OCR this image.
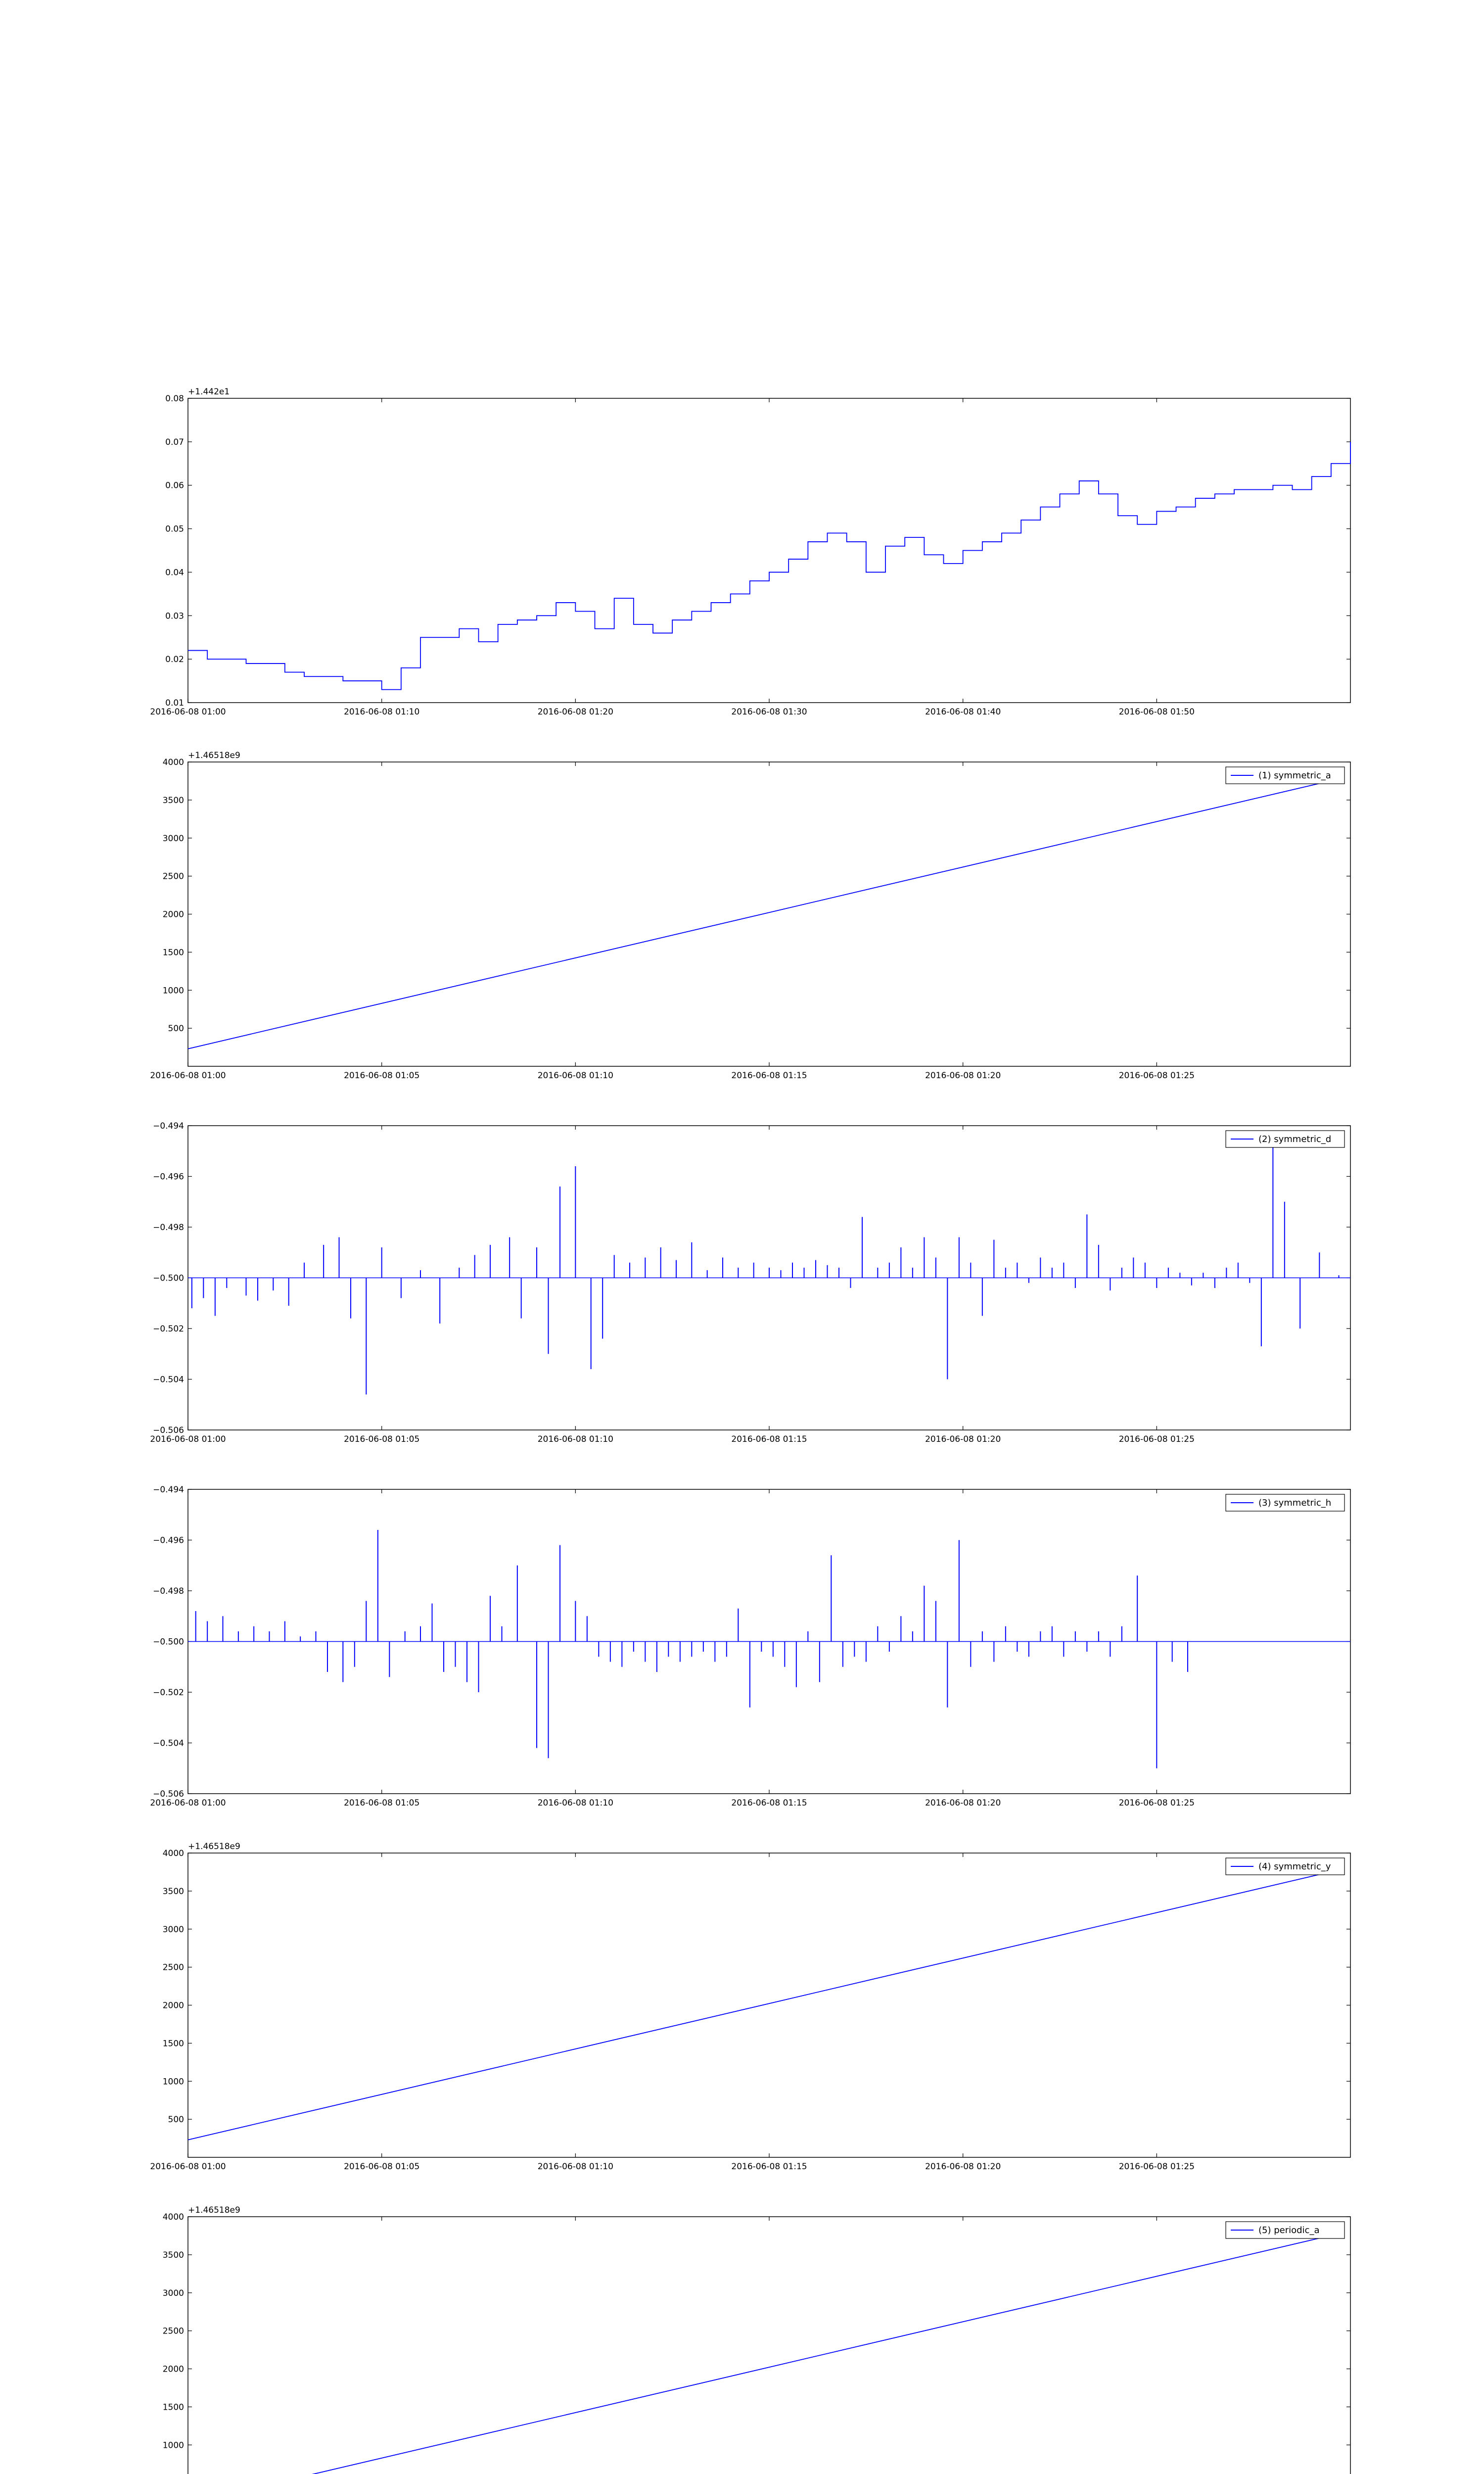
0.01
0.02
0.03
0.04
0.05
0.06
0.07
0.08
2016-06-08 01:00	2016-06-08 01:10	2016-06-08 01:20	2016-06-08 01:30	2016-06-08 01:40	2016-06-08 01:50
+1.442e1
500
1000
1500
2000
2500
3000
3500
4000
2016-06-08 01:00	2016-06-08 01:05	2016-06-08 01:10	2016-06-08 01:15	2016-06-08 01:20	2016-06-08 01:25
+1.46518e9
(1) symmetric_a
−0.506
−0.504
−0.502
−0.500
−0.498
−0.496
−0.494
2016-06-08 01:00	2016-06-08 01:05	2016-06-08 01:10	2016-06-08 01:15	2016-06-08 01:20	2016-06-08 01:25
(2) symmetric_d
−0.506
−0.504
−0.502
−0.500
−0.498
−0.496
−0.494
2016-06-08 01:00	2016-06-08 01:05	2016-06-08 01:10	2016-06-08 01:15	2016-06-08 01:20	2016-06-08 01:25
(3) symmetric_h
500
1000
1500
2000
2500
3000
3500
4000
2016-06-08 01:00	2016-06-08 01:05	2016-06-08 01:10	2016-06-08 01:15	2016-06-08 01:20	2016-06-08 01:25
+1.46518e9
(4) symmetric_y
1000
1500
2000
2500
3000
3500
4000
+1.46518e9
(5) periodic_a
